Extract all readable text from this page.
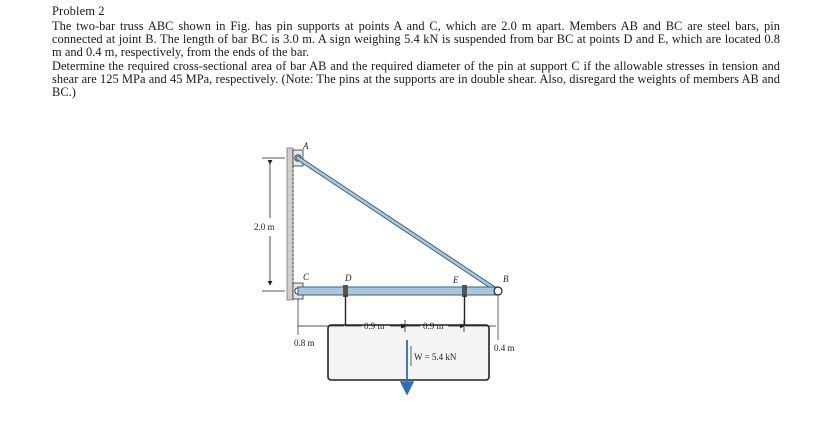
Problem 2

The two-bar truss ABC shown in Fig. has pin supports at points A and C, which are 2.0 m apart. Members AB and BC are steel bars, pin connected at joint B. The length of bar BC is 3.0 m. A sign weighing 5.4 kN is suspended from bar BC at points D and E, which are located 0.8 m and 0.4 m, respectively, from the ends of the bar.

Determine the required cross-sectional area of bar AB and the required diameter of the pin at support C if the allowable stresses in tension and shear are 125 MPa and 45 MPa, respectively. (Note: The pins at the supports are in double shear. Also, disregard the weights of members AB and BC.)

2.0 m
0.8 m
0.9 m	0.9 m
0.4 m
W = 5.4 kN
A
C	D	E	B
